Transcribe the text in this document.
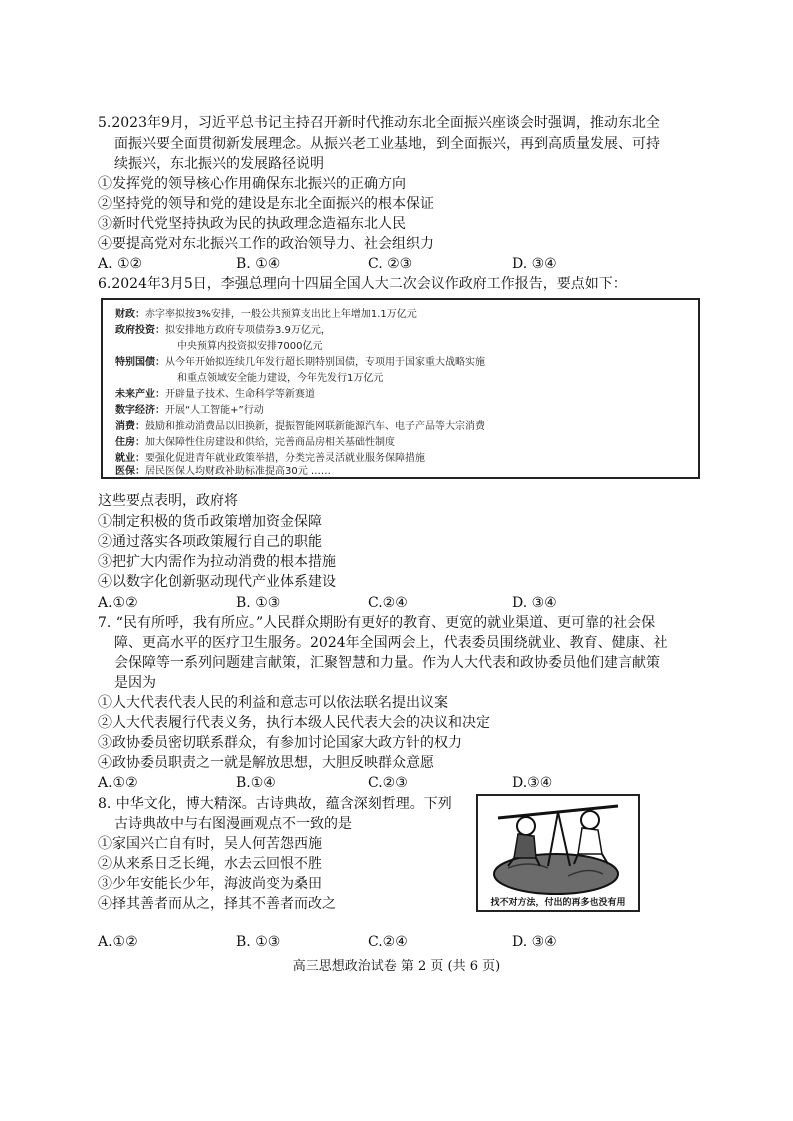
5.2023年9月，习近平总书记主持召开新时代推动东北全面振兴座谈会时强调，推动东北全
面振兴要全面贯彻新发展理念。从振兴老工业基地，到全面振兴，再到高质量发展、可持
续振兴，东北振兴的发展路径说明
①发挥党的领导核心作用确保东北振兴的正确方向
②坚持党的领导和党的建设是东北全面振兴的根本保证
③新时代党坚持执政为民的执政理念造福东北人民
④要提高党对东北振兴工作的政治领导力、社会组织力
A. ①②	B. ①④	C. ②③	D. ③④
6.2024年3月5日，李强总理向十四届全国人大二次会议作政府工作报告，要点如下：
财政：赤字率拟按3%安排，一般公共预算支出比上年增加1.1万亿元
政府投资：拟安排地方政府专项债券3.9万亿元，
中央预算内投资拟安排7000亿元
特别国债：从今年开始拟连续几年发行超长期特别国债，专项用于国家重大战略实施
和重点领域安全能力建设，今年先发行1万亿元
未来产业：开辟量子技术、生命科学等新赛道
数字经济：开展“人工智能+”行动
消费：鼓励和推动消费品以旧换新，提振智能网联新能源汽车、电子产品等大宗消费
住房：加大保障性住房建设和供给，完善商品房相关基础性制度
就业：要强化促进青年就业政策举措，分类完善灵活就业服务保障措施
医保：居民医保人均财政补助标准提高30元 ……
这些要点表明，政府将
①制定积极的货币政策增加资金保障
②通过落实各项政策履行自己的职能
③把扩大内需作为拉动消费的根本措施
④以数字化创新驱动现代产业体系建设
A.①②	B. ①③	C.②④	D. ③④
7. “民有所呼，我有所应。”人民群众期盼有更好的教育、更宽的就业渠道、更可靠的社会保
障、更高水平的医疗卫生服务。2024年全国两会上，代表委员围绕就业、教育、健康、社
会保障等一系列问题建言献策，汇聚智慧和力量。作为人大代表和政协委员他们建言献策
是因为
①人大代表代表人民的利益和意志可以依法联名提出议案
②人大代表履行代表义务，执行本级人民代表大会的决议和决定
③政协委员密切联系群众，有参加讨论国家大政方针的权力
④政协委员职责之一就是解放思想，大胆反映群众意愿
A.①②	B.①④	C.②③	D.③④
8. 中华文化，博大精深。古诗典故，蕴含深刻哲理。下列
古诗典故中与右图漫画观点不一致的是
①家国兴亡自有时，吴人何苦怨西施
②从来系日乏长绳，水去云回恨不胜
③少年安能长少年，海波尚变为桑田
④择其善者而从之，择其不善者而改之	找不对方法，付出的再多也没有用
A.①②	B. ①③	C.②④	D. ③④
高三思想政治试卷 第 2 页 (共 6 页)
